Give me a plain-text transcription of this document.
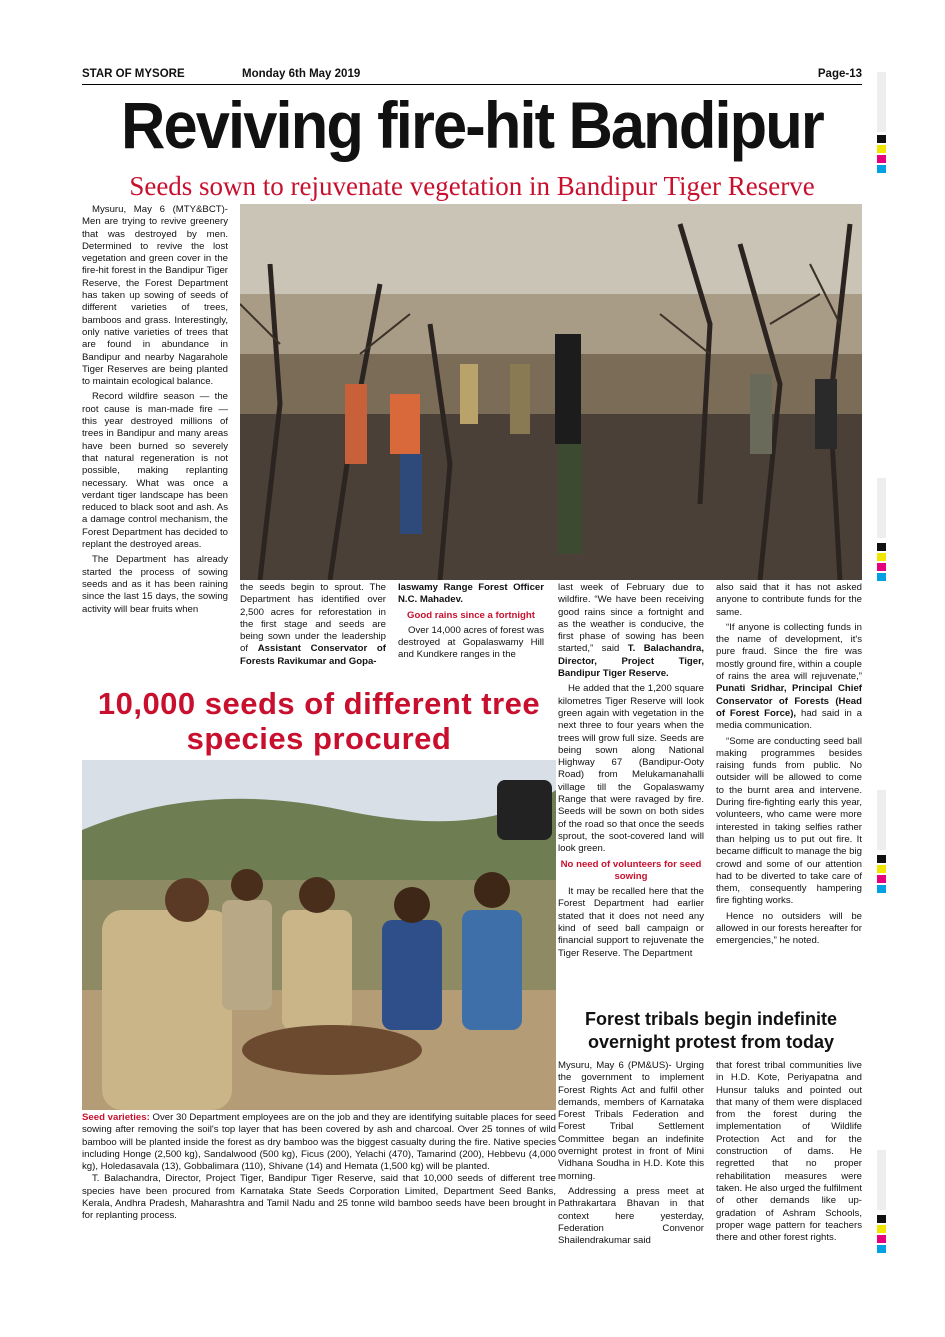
STAR OF MYSORE	Monday 6th May 2019	Page-13
Reviving fire-hit Bandipur
Seeds sown to rejuvenate vegetation in Bandipur Tiger Reserve

Mysuru, May 6 (MTY&BCT)- Men are trying to revive greenery that was destroyed by men. Determined to revive the lost vegetation and green cover in the fire-hit forest in the Bandipur Tiger Reserve, the Forest Department has taken up sowing of seeds of different varieties of trees, bamboos and grass. Interestingly, only native varieties of trees that are found in abundance in Bandipur and nearby Nagarahole Tiger Reserves are being planted to maintain ecological balance.

Record wildfire season — the root cause is man-made fire — this year destroyed millions of trees in Bandipur and many areas have been burned so severely that natural regeneration is not possible, making replanting necessary. What was once a verdant tiger landscape has been reduced to black soot and ash. As a damage control mechanism, the Forest Department has decided to replant the destroyed areas.

The Department has already started the process of sowing seeds and as it has been raining since the last 15 days, the sowing activity will bear fruits when

the seeds begin to sprout. The Department has identified over 2,500 acres for reforestation in the first stage and seeds are being sown under the leadership of Assistant Conservator of Forests Ravikumar and Gopa-

laswamy Range Forest Officer N.C. Mahadev.

Good rains since a fortnight

Over 14,000 acres of forest was destroyed at Gopalaswamy Hill and Kundkere ranges in the

last week of February due to wildfire. “We have been receiving good rains since a fortnight and as the weather is conducive, the first phase of sowing has been started,” said T. Balachandra, Director, Project Tiger, Bandipur Tiger Reserve.

He added that the 1,200 square kilometres Tiger Reserve will look green again with vegetation in the next three to four years when the trees will grow full size. Seeds are being sown along National Highway 67 (Bandipur-Ooty Road) from Melukamanahalli village till the Gopalaswamy Range that were ravaged by fire. Seeds will be sown on both sides of the road so that once the seeds sprout, the soot-covered land will look green.

No need of volunteers for seed sowing

It may be recalled here that the Forest Department had earlier stated that it does not need any kind of seed ball campaign or financial support to rejuvenate the Tiger Reserve. The Department

also said that it has not asked anyone to contribute funds for the same.

“If anyone is collecting funds in the name of development, it's pure fraud. Since the fire was mostly ground fire, within a couple of rains the area will rejuvenate,” Punati Sridhar, Principal Chief Conservator of Forests (Head of Forest Force), had said in a media communication.

“Some are conducting seed ball making programmes besides raising funds from public. No outsider will be allowed to come to the burnt area and intervene. During fire-fighting early this year, volunteers, who came were more interested in taking selfies rather than helping us to put out fire. It became difficult to manage the big crowd and some of our attention had to be diverted to take care of them, consequently hampering fire fighting works.

Hence no outsiders will be allowed in our forests hereafter for emergencies,” he noted.

10,000 seeds of different tree species procured

Seed varieties: Over 30 Department employees are on the job and they are identifying suitable places for seed sowing after removing the soil's top layer that has been covered by ash and charcoal. Over 25 tonnes of wild bamboo will be planted inside the forest as dry bamboo was the biggest casualty during the fire. Native species including Honge (2,500 kg), Sandalwood (500 kg), Ficus (200), Yelachi (470), Tamarind (200), Hebbevu (4,000 kg), Holedasavala (13), Gobbalimara (110), Shivane (14) and Hemata (1,500 kg) will be planted.

T. Balachandra, Director, Project Tiger, Bandipur Tiger Reserve, said that 10,000 seeds of different tree species have been procured from Karnataka State Seeds Corporation Limited, Department Seed Banks, Kerala, Andhra Pradesh, Maharashtra and Tamil Nadu and 25 tonne wild bamboo seeds have been brought in for replanting process.

Forest tribals begin indefinite overnight protest from today

Mysuru, May 6 (PM&US)- Urging the government to implement Forest Rights Act and fulfil other demands, members of Karnataka Forest Tribals Federation and Forest Tribal Settlement Committee began an indefinite overnight protest in front of Mini Vidhana Soudha in H.D. Kote this morning.

Addressing a press meet at Pathrakartara Bhavan in that context here yesterday, Federation Convenor Shailendrakumar said

that forest tribal communities live in H.D. Kote, Periyapatna and Hunsur taluks and pointed out that many of them were displaced from the forest during the implementation of Wildlife Protection Act and for the construction of dams. He regretted that no proper rehabilitation measures were taken. He also urged the fulfilment of other demands like up-gradation of Ashram Schools, proper wage pattern for teachers there and other forest rights.
